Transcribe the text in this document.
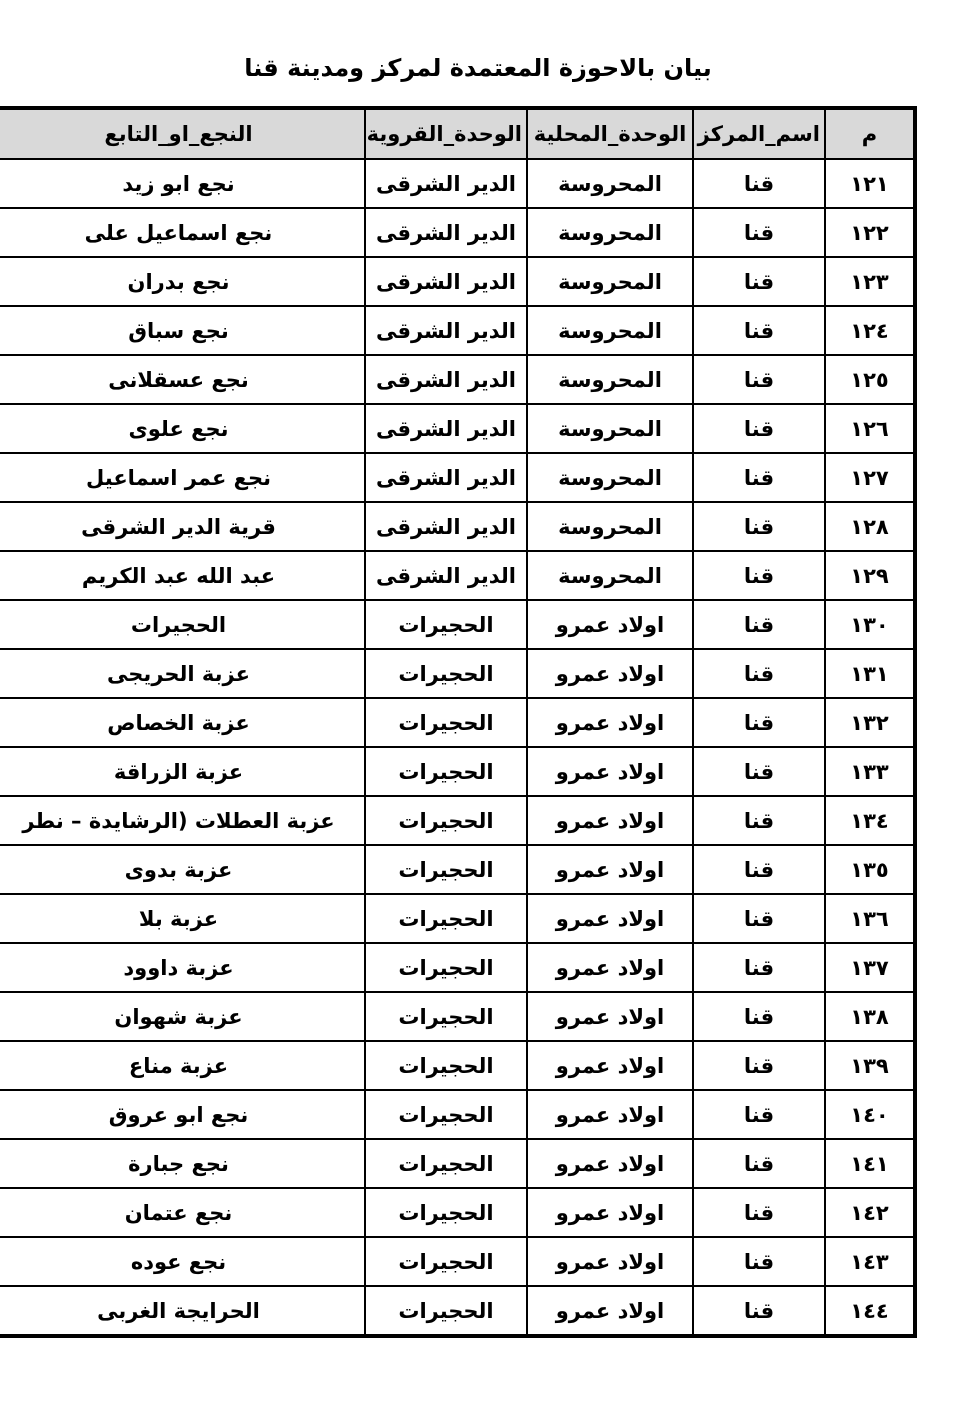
بيان بالاحوزة المعتمدة لمركز ومدينة قنا
م	اسم_المركز	الوحدة_المحلية	الوحدة_القروية	النجع_او_التابع
١٢١	قنا	المحروسة	الدير الشرقى	نجع ابو زيد
١٢٢	قنا	المحروسة	الدير الشرقى	نجع اسماعيل على
١٢٣	قنا	المحروسة	الدير الشرقى	نجع بدران
١٢٤	قنا	المحروسة	الدير الشرقى	نجع سباق
١٢٥	قنا	المحروسة	الدير الشرقى	نجع عسقلانى
١٢٦	قنا	المحروسة	الدير الشرقى	نجع علوى
١٢٧	قنا	المحروسة	الدير الشرقى	نجع عمر اسماعيل
١٢٨	قنا	المحروسة	الدير الشرقى	قرية الدير الشرقى
١٢٩	قنا	المحروسة	الدير الشرقى	عبد الله عبد الكريم
١٣٠	قنا	اولاد عمرو	الحجيرات	الحجيرات
١٣١	قنا	اولاد عمرو	الحجيرات	عزبة الحريجى
١٣٢	قنا	اولاد عمرو	الحجيرات	عزبة الخصاص
١٣٣	قنا	اولاد عمرو	الحجيرات	عزبة الزراقة
١٣٤	قنا	اولاد عمرو	الحجيرات	عزبة العطلات (الرشايدة – نطر
١٣٥	قنا	اولاد عمرو	الحجيرات	عزبة بدوى
١٣٦	قنا	اولاد عمرو	الحجيرات	عزبة بلا
١٣٧	قنا	اولاد عمرو	الحجيرات	عزبة داوود
١٣٨	قنا	اولاد عمرو	الحجيرات	عزبة شهوان
١٣٩	قنا	اولاد عمرو	الحجيرات	عزبة مناع
١٤٠	قنا	اولاد عمرو	الحجيرات	نجع ابو عروق
١٤١	قنا	اولاد عمرو	الحجيرات	نجع جبارة
١٤٢	قنا	اولاد عمرو	الحجيرات	نجع عتمان
١٤٣	قنا	اولاد عمرو	الحجيرات	نجع عوده
١٤٤	قنا	اولاد عمرو	الحجيرات	الحرايجة الغربى
